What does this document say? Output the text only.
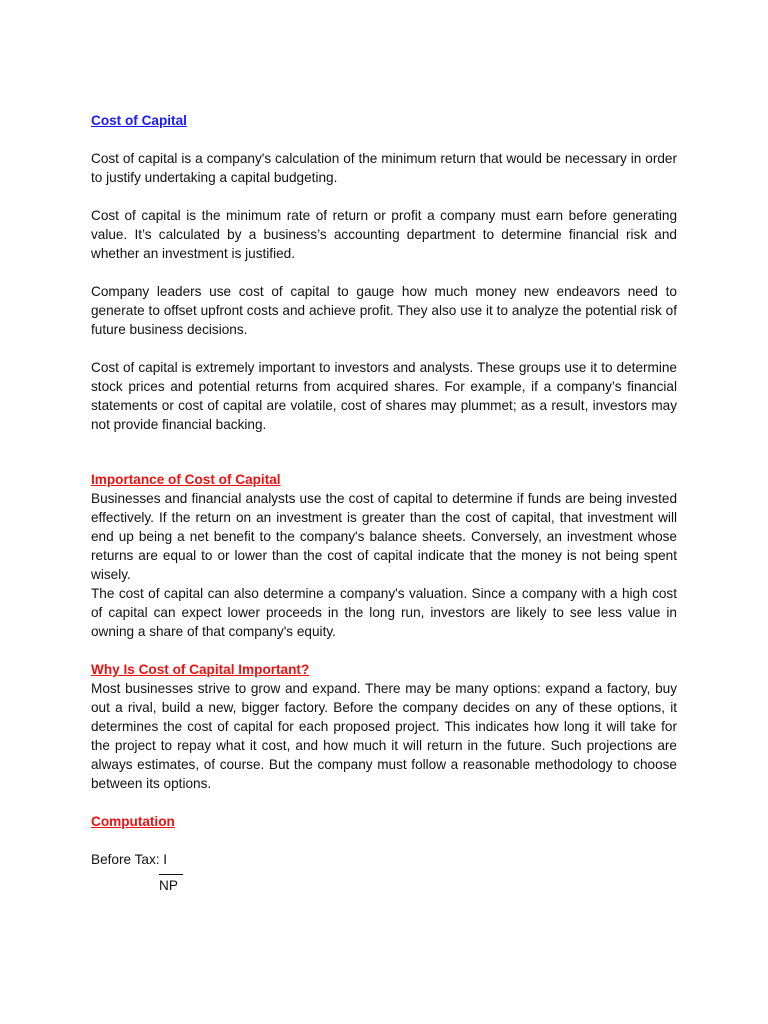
Cost of Capital

Cost of capital is a company's calculation of the minimum return that would be necessary in order to justify undertaking a capital budgeting.

Cost of capital is the minimum rate of return or profit a company must earn before generating value. It’s calculated by a business’s accounting department to determine financial risk and whether an investment is justified.

Company leaders use cost of capital to gauge how much money new endeavors need to generate to offset upfront costs and achieve profit. They also use it to analyze the potential risk of future business decisions.

Cost of capital is extremely important to investors and analysts. These groups use it to determine stock prices and potential returns from acquired shares. For example, if a company’s financial statements or cost of capital are volatile, cost of shares may plummet; as a result, investors may not provide financial backing.

Importance of Cost of Capital

Businesses and financial analysts use the cost of capital to determine if funds are being invested effectively. If the return on an investment is greater than the cost of capital, that investment will end up being a net benefit to the company's balance sheets. Conversely, an investment whose returns are equal to or lower than the cost of capital indicate that the money is not being spent wisely.

The cost of capital can also determine a company's valuation. Since a company with a high cost of capital can expect lower proceeds in the long run, investors are likely to see less value in owning a share of that company's equity.

Why Is Cost of Capital Important?

Most businesses strive to grow and expand. There may be many options: expand a factory, buy out a rival, build a new, bigger factory. Before the company decides on any of these options, it determines the cost of capital for each proposed project. This indicates how long it will take for the project to repay what it cost, and how much it will return in the future. Such projections are always estimates, of course. But the company must follow a reasonable methodology to choose between its options.

Computation
Before Tax: I
NP
